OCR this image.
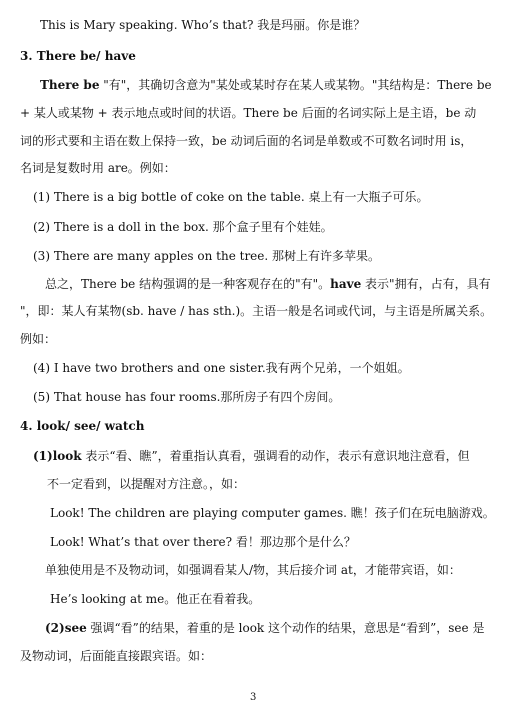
This is Mary speaking. Who’s that? 我是玛丽。你是谁？
3. There be/ have
There be "有"，其确切含意为"某处或某时存在某人或某物。"其结构是：There be
+ 某人或某物 + 表示地点或时间的状语。There be 后面的名词实际上是主语，be 动
词的形式要和主语在数上保持一致，be 动词后面的名词是单数或不可数名词时用 is，
名词是复数时用 are。例如：
(1) There is a big bottle of coke on the table. 桌上有一大瓶子可乐。
(2) There is a doll in the box. 那个盒子里有个娃娃。
(3) There are many apples on the tree. 那树上有许多苹果。
总之，There be 结构强调的是一种客观存在的"有"。have 表示"拥有，占有，具有
"，即：某人有某物(sb. have / has sth.)。主语一般是名词或代词，与主语是所属关系。
例如：
(4) I have two brothers and one sister.我有两个兄弟，一个姐姐。
(5) That house has four rooms.那所房子有四个房间。
4. look/ see/ watch
(1)look 表示“看、瞧”，着重指认真看，强调看的动作，表示有意识地注意看，但
不一定看到，以提醒对方注意。，如：
Look! The children are playing computer games. 瞧！孩子们在玩电脑游戏。
Look! What’s that over there? 看！那边那个是什么？
单独使用是不及物动词，如强调看某人/物，其后接介词 at，才能带宾语，如：
He’s looking at me。他正在看着我。
(2)see 强调“看”的结果，着重的是 look 这个动作的结果，意思是“看到”，see 是
及物动词，后面能直接跟宾语。如：
3
